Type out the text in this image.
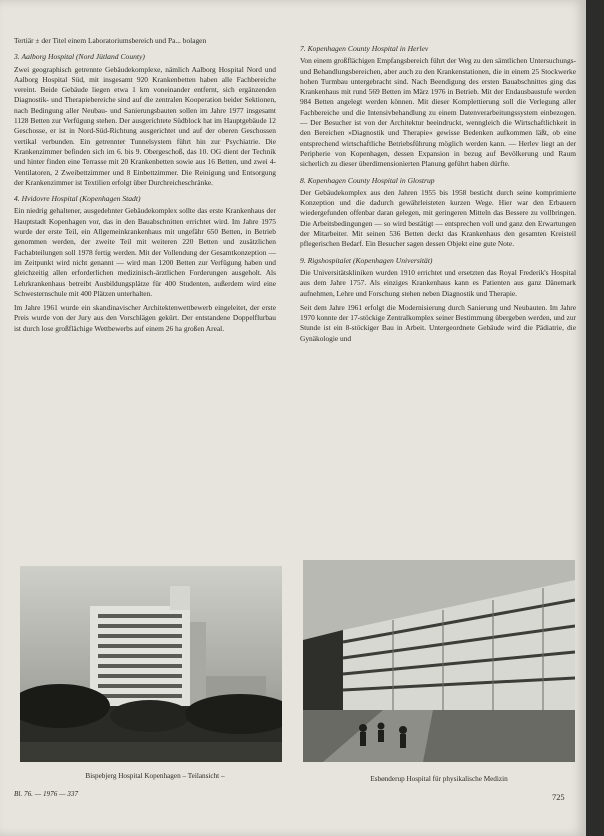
Tertiär ± der Titel einem Laboratoriumsbereich und Pa... bolagen

3. Aalborg Hospital (Nord Jütland County)

Zwei geographisch getrennte Gebäudekomplexe, nämlich Aalborg Hospital Nord und Aalborg Hospital Süd, mit insgesamt 920 Krankenbetten haben alle Fachbereiche vereint. Beide Gebäude liegen etwa 1 km voneinander entfernt, sich ergänzenden Diagnostik- und Therapiebereiche sind auf die zentralen Kooperation beider Sektionen, nach Bedingung aller Neubau- und Sanierungsbauten sollen im Jahre 1977 insgesamt 1128 Betten zur Verfügung stehen. Der ausgerichtete Südblock hat im Hauptgebäude 12 Geschosse, er ist in Nord-Süd-Richtung ausgerichtet und auf der oberen Geschossen vertikal verbunden. Ein getrennter Tunnelsystem führt hin zur Psychiatrie. Die Krankenzimmer befinden sich im 6. bis 9. Obergeschoß, das 10. OG dient der Technik und hinter finden eine Terrasse mit 20 Krankenbetten sowie aus 16 Betten, und zwei 4-Ventilatoren, 2 Zweibettzimmer und 8 Einbettzimmer. Die Reinigung und Entsorgung der Krankenzimmer ist Textilien erfolgt über Durchreicheschränke.

4. Hvidovre Hospital (Kopenhagen Stadt)

Ein niedrig gehaltener, ausgedehnter Gebäudekomplex sollte das erste Krankenhaus der Hauptstadt Kopenhagen vor, das in den Bauabschnitten errichtet wird. Im Jahre 1975 wurde der erste Teil, ein Allgemeinkrankenhaus mit ungefähr 650 Betten, in Betrieb genommen werden, der zweite Teil mit weiteren 220 Betten und zusätzlichen Fachabteilungen soll 1978 fertig werden. Mit der Vollendung der Gesamtkonzeption — im Zeitpunkt wird nicht genannt — wird man 1200 Betten zur Verfügung haben und gleichzeitig allen erforderlichen medizinisch-ärztlichen Forderungen ausgeholt. Als Lehrkrankenhaus betreibt Ausbildungsplätze für 400 Studenten, außerdem wird eine Schwesternschule mit 400 Plätzen unterhalten.

Im Jahre 1961 wurde ein skandinavischer Architektenwettbewerb eingeleitet, der erste Preis wurde von der Jury aus den Vorschlägen gekürt. Der entstandene Doppelflurbau ist durch lose großflächige Wettbewerbs auf einem 26 ha großen Areal.

7. Kopenhagen County Hospital in Herlev

Von einem großflächigen Empfangsbereich führt der Weg zu den sämtlichen Untersuchungs- und Behandlungsbereichen, aber auch zu den Krankenstationen, die in einem 25 Stockwerke hohen Turmbau untergebracht sind. Nach Beendigung des ersten Bauabschnittes ging das Krankenhaus mit rund 569 Betten im März 1976 in Betrieb. Mit der Endausbaustufe werden 984 Betten angelegt werden können. Mit dieser Komplettierung soll die Verlegung aller Fachbereiche und die Intensivbehandlung zu einem Datenverarbeitungssystem einbezogen. — Der Besucher ist von der Architektur beeindruckt, wenngleich die Wirtschaftlichkeit in den Bereichen »Diagnostik und Therapie« gewisse Bedenken aufkommen läßt, ob eine entsprechend wirtschaftliche Betriebsführung möglich werden kann. — Herlev liegt an der Peripherie von Kopenhagen, dessen Expansion in bezug auf Bevölkerung und Raum sicherlich zu dieser überdimensionierten Planung geführt haben dürfte.

8. Kopenhagen County Hospital in Glostrup

Der Gebäudekomplex aus den Jahren 1955 bis 1958 besticht durch seine komprimierte Konzeption und die dadurch gewährleisteten kurzen Wege. Hier war den Erbauern wiedergefunden offenbar daran gelegen, mit geringeren Mitteln das Bessere zu vollbringen. Die Arbeitsbedingungen — so wird bestätigt — entsprechen voll und ganz den Erwartungen der Mitarbeiter. Mit seinen 536 Betten deckt das Krankenhaus den gesamten Kreisteil pflegerischen Bedarf. Ein Besucher sagen dessen Objekt eine gute Note.

9. Rigshospitalet (Kopenhagen Universität)

Die Universitätskliniken wurden 1910 errichtet und ersetzten das Royal Frederik's Hospital aus dem Jahre 1757. Als einziges Krankenhaus kann es Patienten aus ganz Dänemark aufnehmen, Lehre und Forschung stehen neben Diagnostik und Therapie.

Seit dem Jahre 1961 erfolgt die Modernisierung durch Sanierung und Neubauten. Im Jahre 1970 konnte der 17-stöckige Zentralkomplex seiner Bestimmung übergeben werden, und zur Stunde ist ein 8-stöckiger Bau in Arbeit. Untergeordnete Gebäude wird die Pädiatrie, die Gynäkologie und

Bispebjerg Hospital Kopenhagen – Teilansicht –	Esbønderup Hospital für physikalische Medizin
Bl. 76. — 1976 — 337	725
